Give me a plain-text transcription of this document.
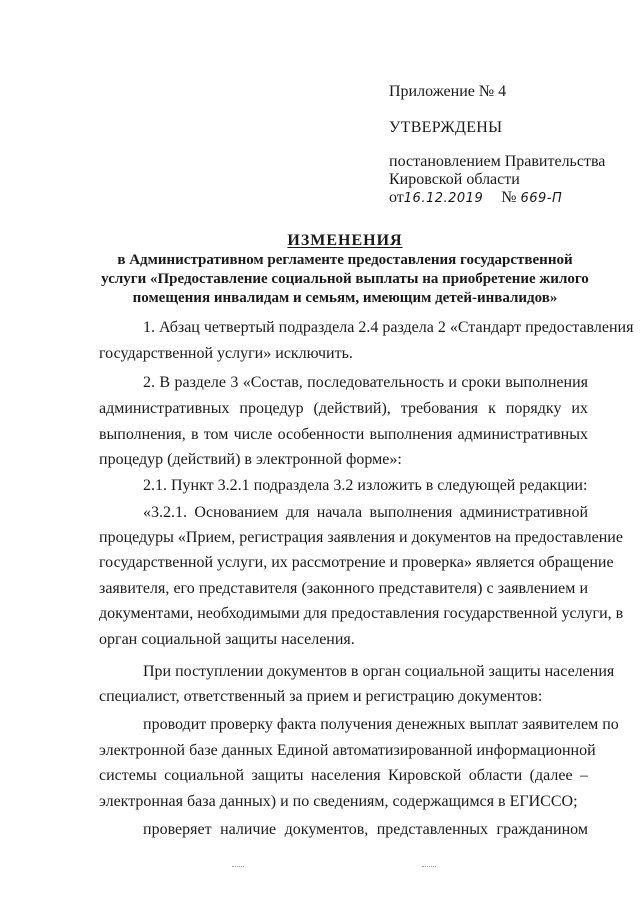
Приложение № 4
УТВЕРЖДЕНЫ
постановлением Правительства
Кировской области
от16.12.2019 № 669-П
ИЗМЕНЕНИЯ
в Административном регламенте предоставления государственной
услуги «Предоставление социальной выплаты на приобретение жилого
помещения инвалидам и семьям, имеющим детей-инвалидов»
1. Абзац четвертый подраздела 2.4 раздела 2 «Стандарт предоставления
государственной услуги» исключить.
2. В разделе 3 «Состав, последовательность и сроки выполнения
административных процедур (действий), требования к порядку их
выполнения, в том числе особенности выполнения административных
процедур (действий) в электронной форме»:
2.1. Пункт 3.2.1 подраздела 3.2 изложить в следующей редакции:
«3.2.1. Основанием для начала выполнения административной
процедуры «Прием, регистрация заявления и документов на предоставление
государственной услуги, их рассмотрение и проверка» является обращение
заявителя, его представителя (законного представителя) с заявлением и
документами, необходимыми для предоставления государственной услуги, в
орган социальной защиты населения.
При поступлении документов в орган социальной защиты населения
специалист, ответственный за прием и регистрацию документов:
проводит проверку факта получения денежных выплат заявителем по
электронной базе данных Единой автоматизированной информационной
системы социальной защиты населения Кировской области (далее –
электронная база данных) и по сведениям, содержащимся в ЕГИССО;
проверяет наличие документов, представленных гражданином
